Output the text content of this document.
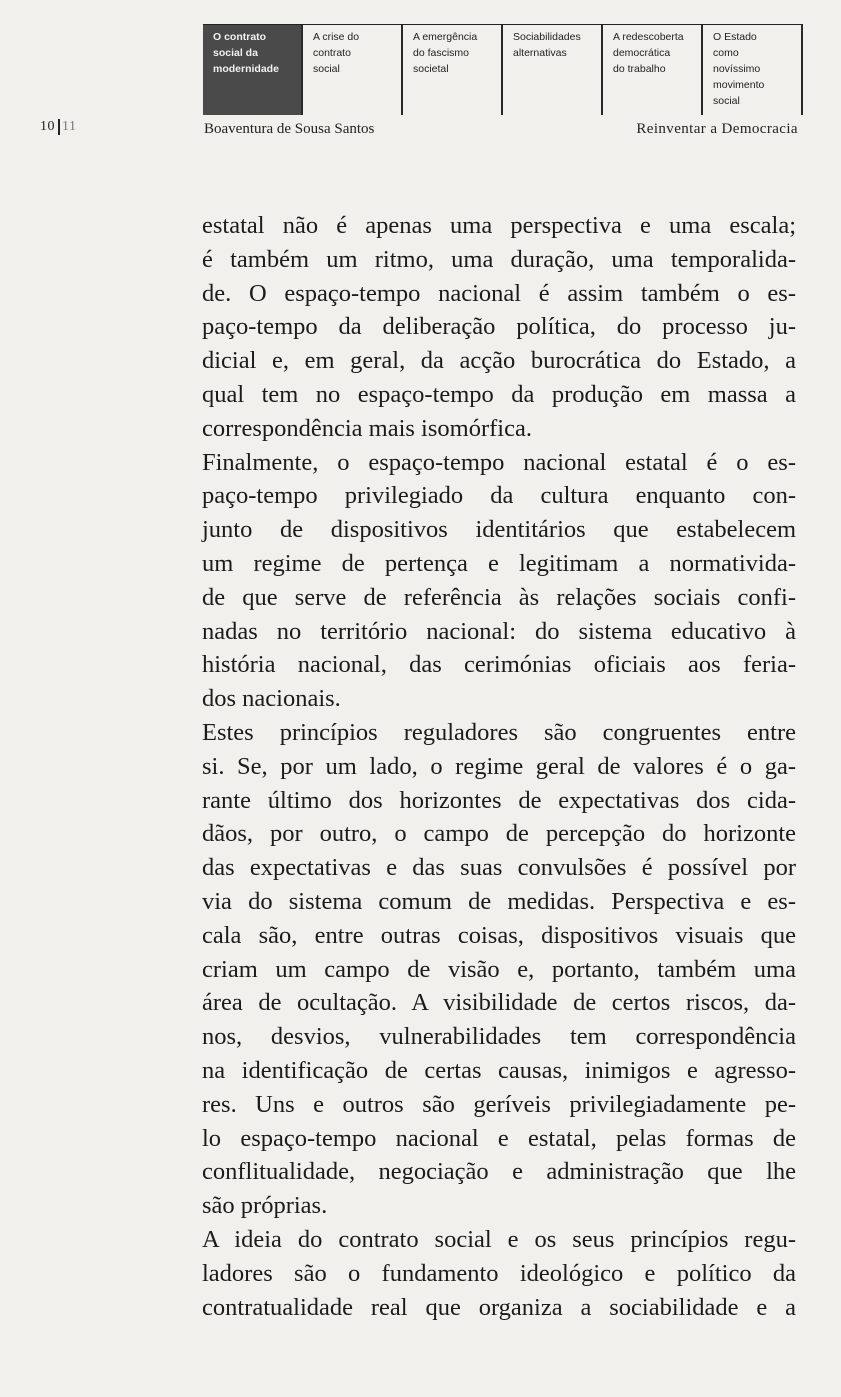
O contrato
social da
modernidade
A crise do
contrato
social
A emergência
do fascismo
societal
Sociabilidades
alternativas
A redescoberta
democrática
do trabalho
O Estado
como
novíssimo
movimento
social
10 11	Boaventura de Sousa Santos	Reinventar a Democracia
estatal não é apenas uma perspectiva e uma escala;
é também um ritmo, uma duração, uma temporalida-
de. O espaço-tempo nacional é assim também o es-
paço-tempo da deliberação política, do processo ju-
dicial e, em geral, da acção burocrática do Estado, a
qual tem no espaço-tempo da produção em massa a
correspondência mais isomórfica.
Finalmente, o espaço-tempo nacional estatal é o es-
paço-tempo privilegiado da cultura enquanto con-
junto de dispositivos identitários que estabelecem
um regime de pertença e legitimam a normativida-
de que serve de referência às relações sociais confi-
nadas no território nacional: do sistema educativo à
história nacional, das cerimónias oficiais aos feria-
dos nacionais.
Estes princípios reguladores são congruentes entre
si. Se, por um lado, o regime geral de valores é o ga-
rante último dos horizontes de expectativas dos cida-
dãos, por outro, o campo de percepção do horizonte
das expectativas e das suas convulsões é possível por
via do sistema comum de medidas. Perspectiva e es-
cala são, entre outras coisas, dispositivos visuais que
criam um campo de visão e, portanto, também uma
área de ocultação. A visibilidade de certos riscos, da-
nos, desvios, vulnerabilidades tem correspondência
na identificação de certas causas, inimigos e agresso-
res. Uns e outros são geríveis privilegiadamente pe-
lo espaço-tempo nacional e estatal, pelas formas de
conflitualidade, negociação e administração que lhe
são próprias.
A ideia do contrato social e os seus princípios regu-
ladores são o fundamento ideológico e político da
contratualidade real que organiza a sociabilidade e a
